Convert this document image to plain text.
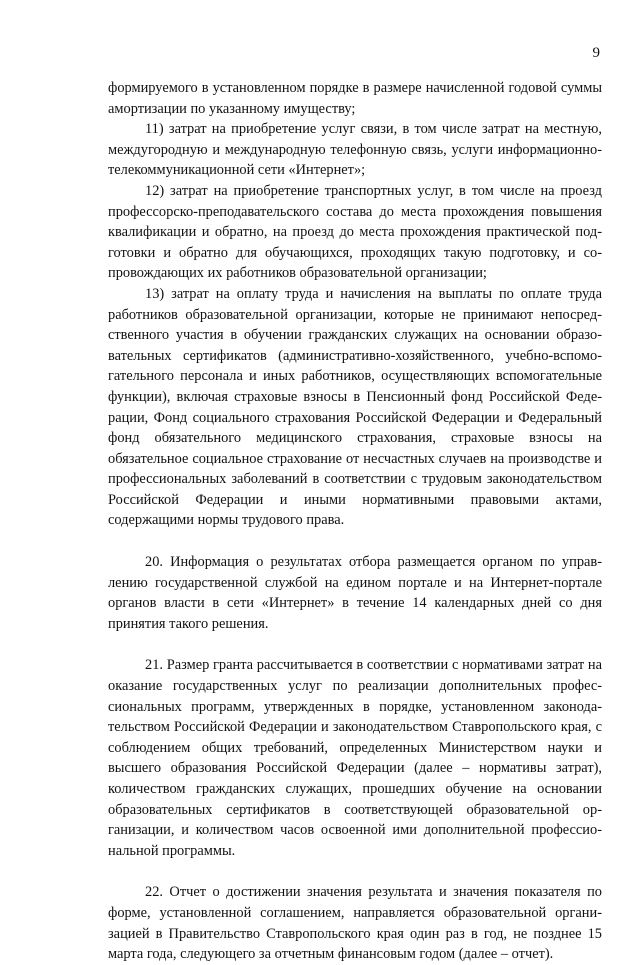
9

формируемого в установленном порядке в размере начисленной годовой суммы амортизации по указанному имуществу;

11) затрат на приобретение услуг связи, в том числе затрат на местную, междугородную и международную телефонную связь, услуги информационно-телекоммуникационной сети «Интернет»;

12) затрат на приобретение транспортных услуг, в том числе на проезд профессорско-преподавательского состава до места прохождения повышения квалификации и обратно, на проезд до места прохождения практической подготовки и обратно для обучающихся, проходящих такую подготовку, и сопровождающих их работников образовательной организации;

13) затрат на оплату труда и начисления на выплаты по оплате труда работников образовательной организации, которые не принимают непосредственного участия в обучении гражданских служащих на основании образовательных сертификатов (административно-хозяйственного, учебно-вспомогательного персонала и иных работников, осуществляющих вспомогательные функции), включая страховые взносы в Пенсионный фонд Российской Федерации, Фонд социального страхования Российской Федерации и Федеральный фонд обязательного медицинского страхования, страховые взносы на обязательное социальное страхование от несчастных случаев на производстве и профессиональных заболеваний в соответствии с трудовым законодательством Российской Федерации и иными нормативными правовыми актами, содержащими нормы трудового права.

20. Информация о результатах отбора размещается органом по управлению государственной службой на едином портале и на Интернет-портале органов власти в сети «Интернет» в течение 14 календарных дней со дня принятия такого решения.

21. Размер гранта рассчитывается в соответствии с нормативами затрат на оказание государственных услуг по реализации дополнительных профессиональных программ, утвержденных в порядке, установленном законодательством Российской Федерации и законодательством Ставропольского края, с соблюдением общих требований, определенных Министерством науки и высшего образования Российской Федерации (далее – нормативы затрат), количеством гражданских служащих, прошедших обучение на основании образовательных сертификатов в соответствующей образовательной организации, и количеством часов освоенной ими дополнительной профессиональной программы.

22. Отчет о достижении значения результата и значения показателя по форме, установленной соглашением, направляется образовательной организацией в Правительство Ставропольского края один раз в год, не позднее 15 марта года, следующего за отчетным финансовым годом (далее – отчет).
